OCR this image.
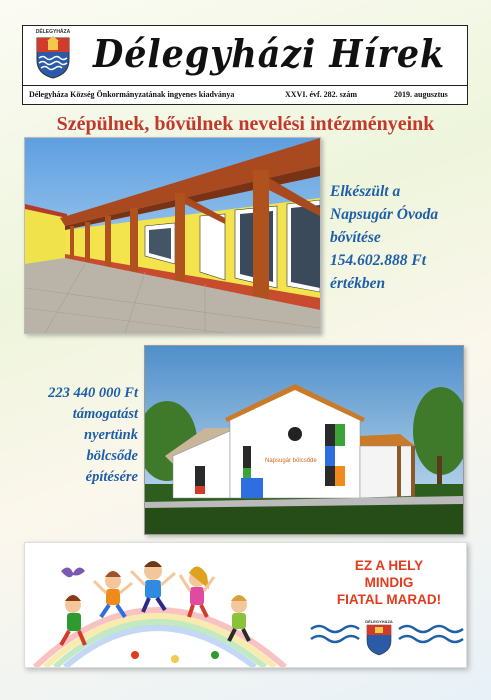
DÉLEGYHÁZA Délegyházi Hírek
Délegyháza Község Önkormányzatának ingyenes kiadványa	XXVI. évf. 282. szám	2019. augusztus
Szépülnek, bővülnek nevelési intézményeink
Elkészült a
Napsugár Óvoda
bővítése
154.602.888 Ft
értékben
Napsugár bölcsőde
223 440 000 Ft
támogatást
nyertünk
bölcsőde
építésére
DÉLEGYHÁZA
EZ A HELY
MINDIG
FIATAL MARAD!
